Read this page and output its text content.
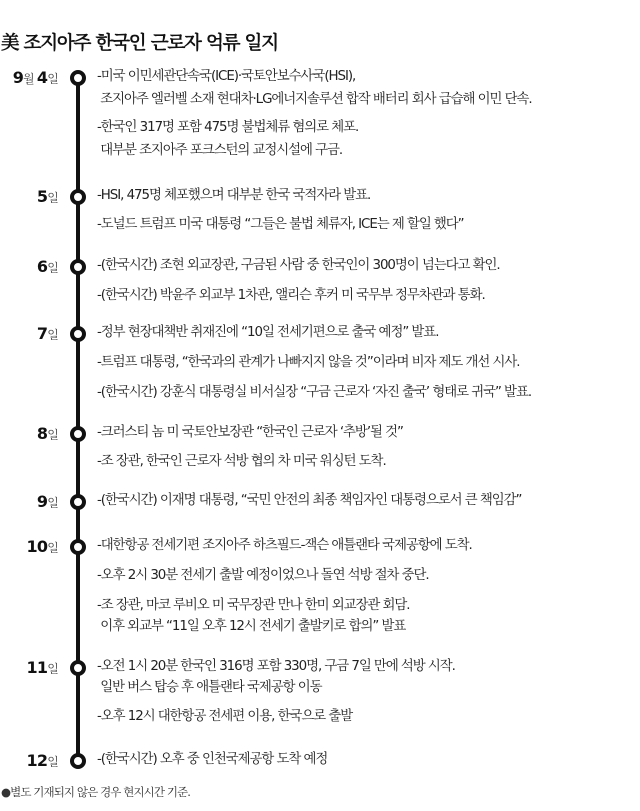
美 조지아주 한국인 근로자 억류 일지
9월 4일	-미국 이민세관단속국(ICE)·국토안보수사국(HSI),
조지아주 엘러벨 소재 현대차·LG에너지솔루션 합작 배터리 회사 급습해 이민 단속.
-한국인 317명 포함 475명 불법체류 혐의로 체포.
대부분 조지아주 포크스턴의 교정시설에 구금.
5일	-HSI, 475명 체포했으며 대부분 한국 국적자라 발표.
-도널드 트럼프 미국 대통령 “그들은 불법 체류자, ICE는 제 할일 했다”
6일	-(한국시간) 조현 외교장관, 구금된 사람 중 한국인이 300명이 넘는다고 확인.
-(한국시간) 박윤주 외교부 1차관, 앨리슨 후커 미 국무부 정무차관과 통화.
7일	-정부 현장대책반 취재진에 “10일 전세기편으로 출국 예정” 발표.
-트럼프 대통령, “한국과의 관계가 나빠지지 않을 것”이라며 비자 제도 개선 시사.
-(한국시간) 강훈식 대통령실 비서실장 “구금 근로자 ‘자진 출국’ 형태로 귀국” 발표.
8일	-크러스티 놈 미 국토안보장관 “한국인 근로자 ‘추방’될 것”
-조 장관, 한국인 근로자 석방 협의 차 미국 워싱턴 도착.
9일	-(한국시간) 이재명 대통령, “국민 안전의 최종 책임자인 대통령으로서 큰 책임감”
10일	-대한항공 전세기편 조지아주 하츠필드-잭슨 애틀랜타 국제공항에 도착.
-오후 2시 30분 전세기 출발 예정이었으나 돌연 석방 절차 중단.
-조 장관, 마코 루비오 미 국무장관 만나 한미 외교장관 회담.
이후 외교부 “11일 오후 12시 전세기 출발키로 합의” 발표
11일	-오전 1시 20분 한국인 316명 포함 330명, 구금 7일 만에 석방 시작.
일반 버스 탑승 후 애틀랜타 국제공항 이동
-오후 12시 대한항공 전세편 이용, 한국으로 출발
12일	-(한국시간) 오후 중 인천국제공항 도착 예정
●별도 기재되지 않은 경우 현지시간 기준.
